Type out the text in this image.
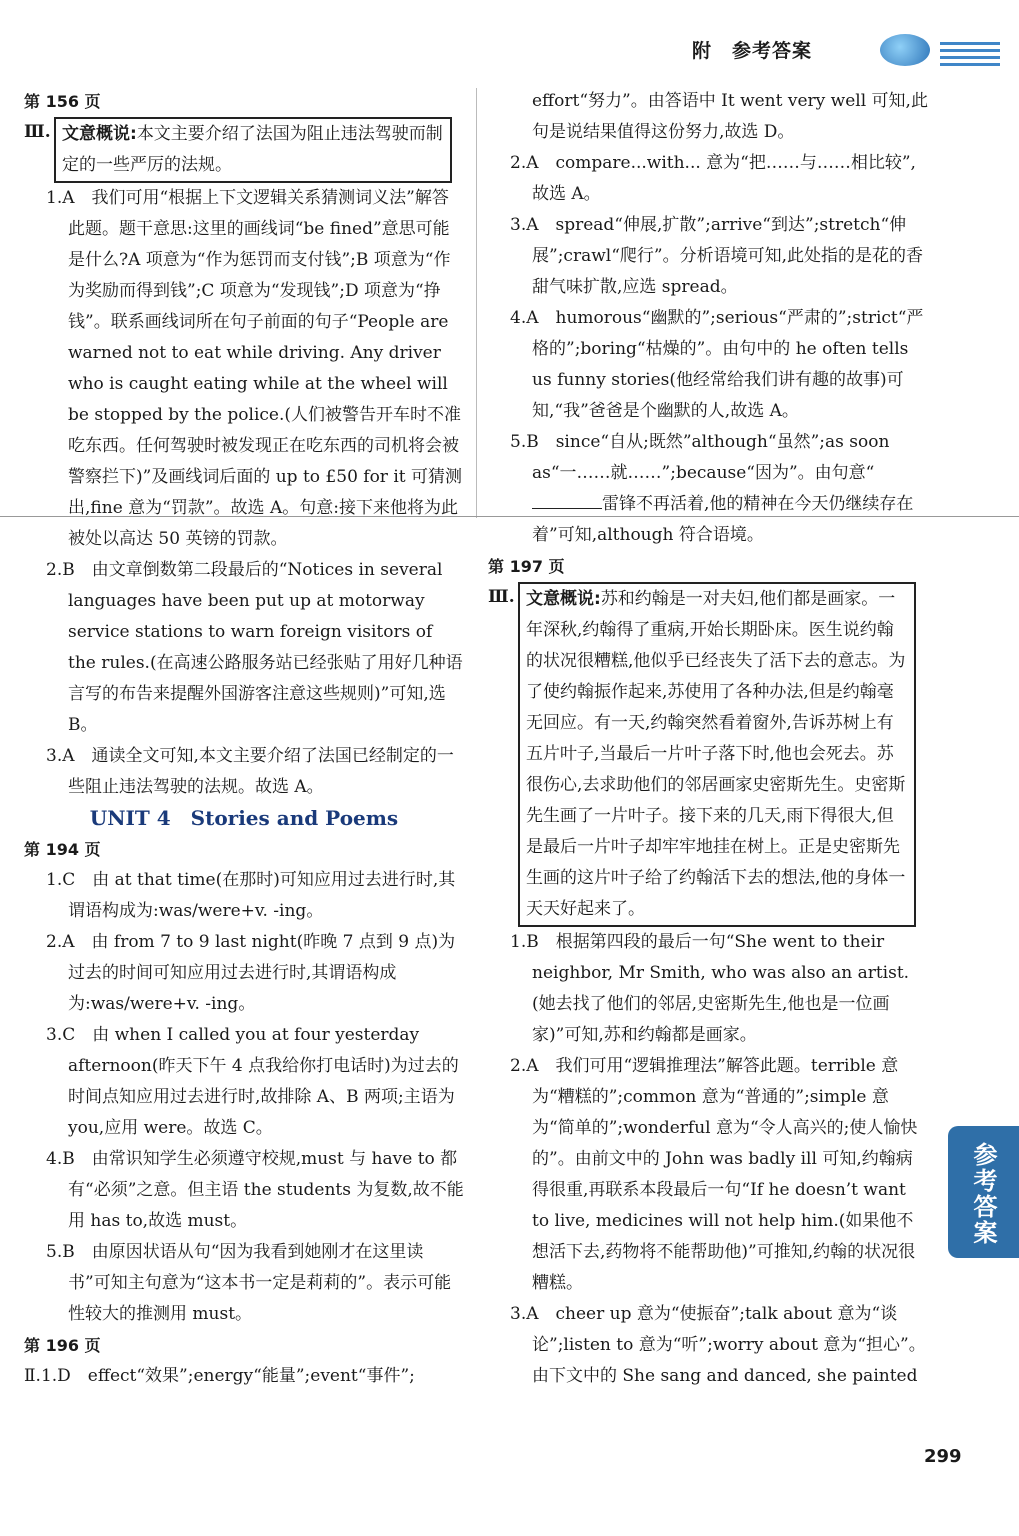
附　参考答案

第 156 页

Ⅲ. 文意概说:本文主要介绍了法国为阻止违法驾驶而制定的一些严厉的法规。

1.A　我们可用“根据上下文逻辑关系猜测词义法”解答此题。题干意思:这里的画线词“be fined”意思可能是什么?A 项意为“作为惩罚而支付钱”;B 项意为“作为奖励而得到钱”;C 项意为“发现钱”;D 项意为“挣钱”。联系画线词所在句子前面的句子“People are warned not to eat while driving. Any driver who is caught eating while at the wheel will be stopped by the police.(人们被警告开车时不准吃东西。任何驾驶时被发现正在吃东西的司机将会被警察拦下)”及画线词后面的 up to £50 for it 可猜测出,fine 意为“罚款”。故选 A。句意:接下来他将为此被处以高达 50 英镑的罚款。

2.B　由文章倒数第二段最后的“Notices in several languages have been put up at motorway service stations to warn foreign visitors of the rules.(在高速公路服务站已经张贴了用好几种语言写的布告来提醒外国游客注意这些规则)”可知,选 B。

3.A　通读全文可知,本文主要介绍了法国已经制定的一些阻止违法驾驶的法规。故选 A。

UNIT 4　Stories and Poems

第 194 页

1.C　由 at that time(在那时)可知应用过去进行时,其谓语构成为:was/were+v. -ing。

2.A　由 from 7 to 9 last night(昨晚 7 点到 9 点)为过去的时间可知应用过去进行时,其谓语构成为:was/were+v. -ing。

3.C　由 when I called you at four yesterday afternoon(昨天下午 4 点我给你打电话时)为过去的时间点知应用过去进行时,故排除 A、B 两项;主语为 you,应用 were。故选 C。

4.B　由常识知学生必须遵守校规,must 与 have to 都有“必须”之意。但主语 the students 为复数,故不能用 has to,故选 must。

5.B　由原因状语从句“因为我看到她刚才在这里读书”可知主句意为“这本书一定是莉莉的”。表示可能性较大的推测用 must。

第 196 页

Ⅱ.1.D　effect“效果”;energy“能量”;event“事件”;

effort“努力”。由答语中 It went very well 可知,此句是说结果值得这份努力,故选 D。

2.A　compare...with... 意为“把……与……相比较”,故选 A。

3.A　spread“伸展,扩散”;arrive“到达”;stretch“伸展”;crawl“爬行”。分析语境可知,此处指的是花的香甜气味扩散,应选 spread。

4.A　humorous“幽默的”;serious“严肃的”;strict“严格的”;boring“枯燥的”。由句中的 he often tells us funny stories(他经常给我们讲有趣的故事)可知,“我”爸爸是个幽默的人,故选 A。

5.B　since“自从;既然”although“虽然”;as soon as“一……就……”;because“因为”。由句意“雷锋不再活着,他的精神在今天仍继续存在着”可知,although 符合语境。

第 197 页

Ⅲ. 文意概说:苏和约翰是一对夫妇,他们都是画家。一年深秋,约翰得了重病,开始长期卧床。医生说约翰的状况很糟糕,他似乎已经丧失了活下去的意志。为了使约翰振作起来,苏使用了各种办法,但是约翰毫无回应。有一天,约翰突然看着窗外,告诉苏树上有五片叶子,当最后一片叶子落下时,他也会死去。苏很伤心,去求助他们的邻居画家史密斯先生。史密斯先生画了一片叶子。接下来的几天,雨下得很大,但是最后一片叶子却牢牢地挂在树上。正是史密斯先生画的这片叶子给了约翰活下去的想法,他的身体一天天好起来了。

1.B　根据第四段的最后一句“She went to their neighbor, Mr Smith, who was also an artist.(她去找了他们的邻居,史密斯先生,他也是一位画家)”可知,苏和约翰都是画家。

2.A　我们可用“逻辑推理法”解答此题。terrible 意为“糟糕的”;common 意为“普通的”;simple 意为“简单的”;wonderful 意为“令人高兴的;使人愉快的”。由前文中的 John was badly ill 可知,约翰病得很重,再联系本段最后一句“If he doesn’t want to live, medicines will not help him.(如果他不想活下去,药物将不能帮助他)”可推知,约翰的状况很糟糕。

3.A　cheer up 意为“使振奋”;talk about 意为“谈论”;listen to 意为“听”;worry about 意为“担心”。由下文中的 She sang and danced, she painted

参考答案
299
